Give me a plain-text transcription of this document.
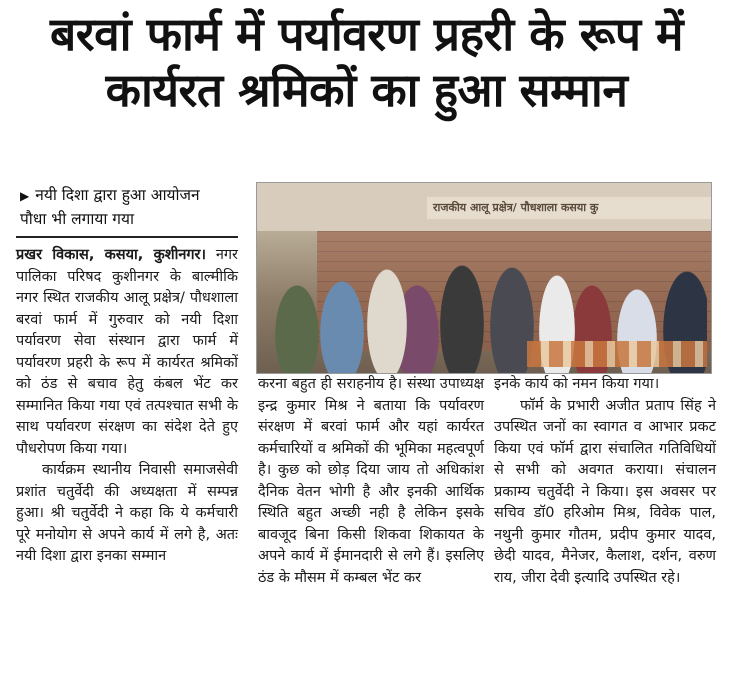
बरवां फार्म में पर्यावरण प्रहरी के रूप में कार्यरत श्रमिकों का हुआ सम्मान
▶ नयी दिशा द्वारा हुआ आयोजन
पौधा भी लगाया गया
राजकीय आलू प्रक्षेत्र/ पौधशाला कसया कु

प्रखर विकास, कसया, कुशीनगर। नगर पालिका परिषद कुशीनगर के बाल्मीकि नगर स्थित राजकीय आलू प्रक्षेत्र/ पौधशाला बरवां फार्म में गुरुवार को नयी दिशा पर्यावरण सेवा संस्थान द्वारा फार्म में पर्यावरण प्रहरी के रूप में कार्यरत श्रमिकों को ठंड से बचाव हेतु कंबल भेंट कर सम्मानित किया गया एवं तत्पश्चात सभी के साथ पर्यावरण संरक्षण का संदेश देते हुए पौधरोपण किया गया।

कार्यक्रम स्थानीय निवासी समाजसेवी प्रशांत चतुर्वेदी की अध्यक्षता में सम्पन्न हुआ। श्री चतुर्वेदी ने कहा कि ये कर्मचारी पूरे मनोयोग से अपने कार्य में लगे है, अतः नयी दिशा द्वारा इनका सम्मान

करना बहुत ही सराहनीय है। संस्था उपाध्यक्ष इन्द्र कुमार मिश्र ने बताया कि पर्यावरण संरक्षण में बरवां फार्म और यहां कार्यरत कर्मचारियों व श्रमिकों की भूमिका महत्वपूर्ण है। कुछ को छोड़ दिया जाय तो अधिकांश दैनिक वेतन भोगी है और इनकी आर्थिक स्थिति बहुत अच्छी नही है लेकिन इसके बावजूद बिना किसी शिकवा शिकायत के अपने कार्य में ईमानदारी से लगे हैं। इसलिए ठंड के मौसम में कम्बल भेंट कर

इनके कार्य को नमन किया गया।

फॉर्म के प्रभारी अजीत प्रताप सिंह ने उपस्थित जनों का स्वागत व आभार प्रकट किया एवं फॉर्म द्वारा संचालित गतिविधियों से सभी को अवगत कराया। संचालन प्रकाम्य चतुर्वेदी ने किया। इस अवसर पर सचिव डॉ0 हरिओम मिश्र, विवेक पाल, नथुनी कुमार गौतम, प्रदीप कुमार यादव, छेदी यादव, मैनेजर, कैलाश, दर्शन, वरुण राय, जीरा देवी इत्यादि उपस्थित रहे।
